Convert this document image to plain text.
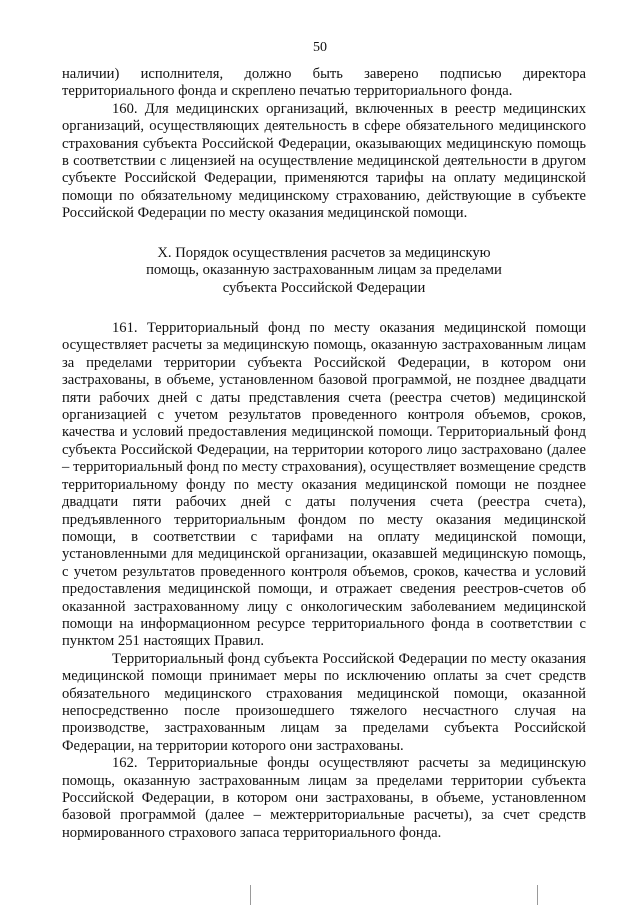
50

наличии) исполнителя, должно быть заверено подписью директора территориального фонда и скреплено печатью территориального фонда.

160. Для медицинских организаций, включенных в реестр медицинских организаций, осуществляющих деятельность в сфере обязательного медицинского страхования субъекта Российской Федерации, оказывающих медицинскую помощь в соответствии с лицензией на осуществление медицинской деятельности в другом субъекте Российской Федерации, применяются тарифы на оплату медицинской помощи по обязательному медицинскому страхованию, действующие в субъекте Российской Федерации по месту оказания медицинской помощи.

X. Порядок осуществления расчетов за медицинскую
помощь, оказанную застрахованным лицам за пределами
субъекта Российской Федерации

161. Территориальный фонд по месту оказания медицинской помощи осуществляет расчеты за медицинскую помощь, оказанную застрахованным лицам за пределами территории субъекта Российской Федерации, в котором они застрахованы, в объеме, установленном базовой программой, не позднее двадцати пяти рабочих дней с даты представления счета (реестра счетов) медицинской организацией с учетом результатов проведенного контроля объемов, сроков, качества и условий предоставления медицинской помощи. Территориальный фонд субъекта Российской Федерации, на территории которого лицо застраховано (далее – территориальный фонд по месту страхования), осуществляет возмещение средств территориальному фонду по месту оказания медицинской помощи не позднее двадцати пяти рабочих дней с даты получения счета (реестра счета), предъявленного территориальным фондом по месту оказания медицинской помощи, в соответствии с тарифами на оплату медицинской помощи, установленными для медицинской организации, оказавшей медицинскую помощь, с учетом результатов проведенного контроля объемов, сроков, качества и условий предоставления медицинской помощи, и отражает сведения реестров-счетов об оказанной застрахованному лицу с онкологическим заболеванием медицинской помощи на информационном ресурсе территориального фонда в соответствии с пунктом 251 настоящих Правил.

Территориальный фонд субъекта Российской Федерации по месту оказания медицинской помощи принимает меры по исключению оплаты за счет средств обязательного медицинского страхования медицинской помощи, оказанной непосредственно после произошедшего тяжелого несчастного случая на производстве, застрахованным лицам за пределами субъекта Российской Федерации, на территории которого они застрахованы.

162. Территориальные фонды осуществляют расчеты за медицинскую помощь, оказанную застрахованным лицам за пределами территории субъекта Российской Федерации, в котором они застрахованы, в объеме, установленном базовой программой (далее – межтерриториальные расчеты), за счет средств нормированного страхового запаса территориального фонда.
